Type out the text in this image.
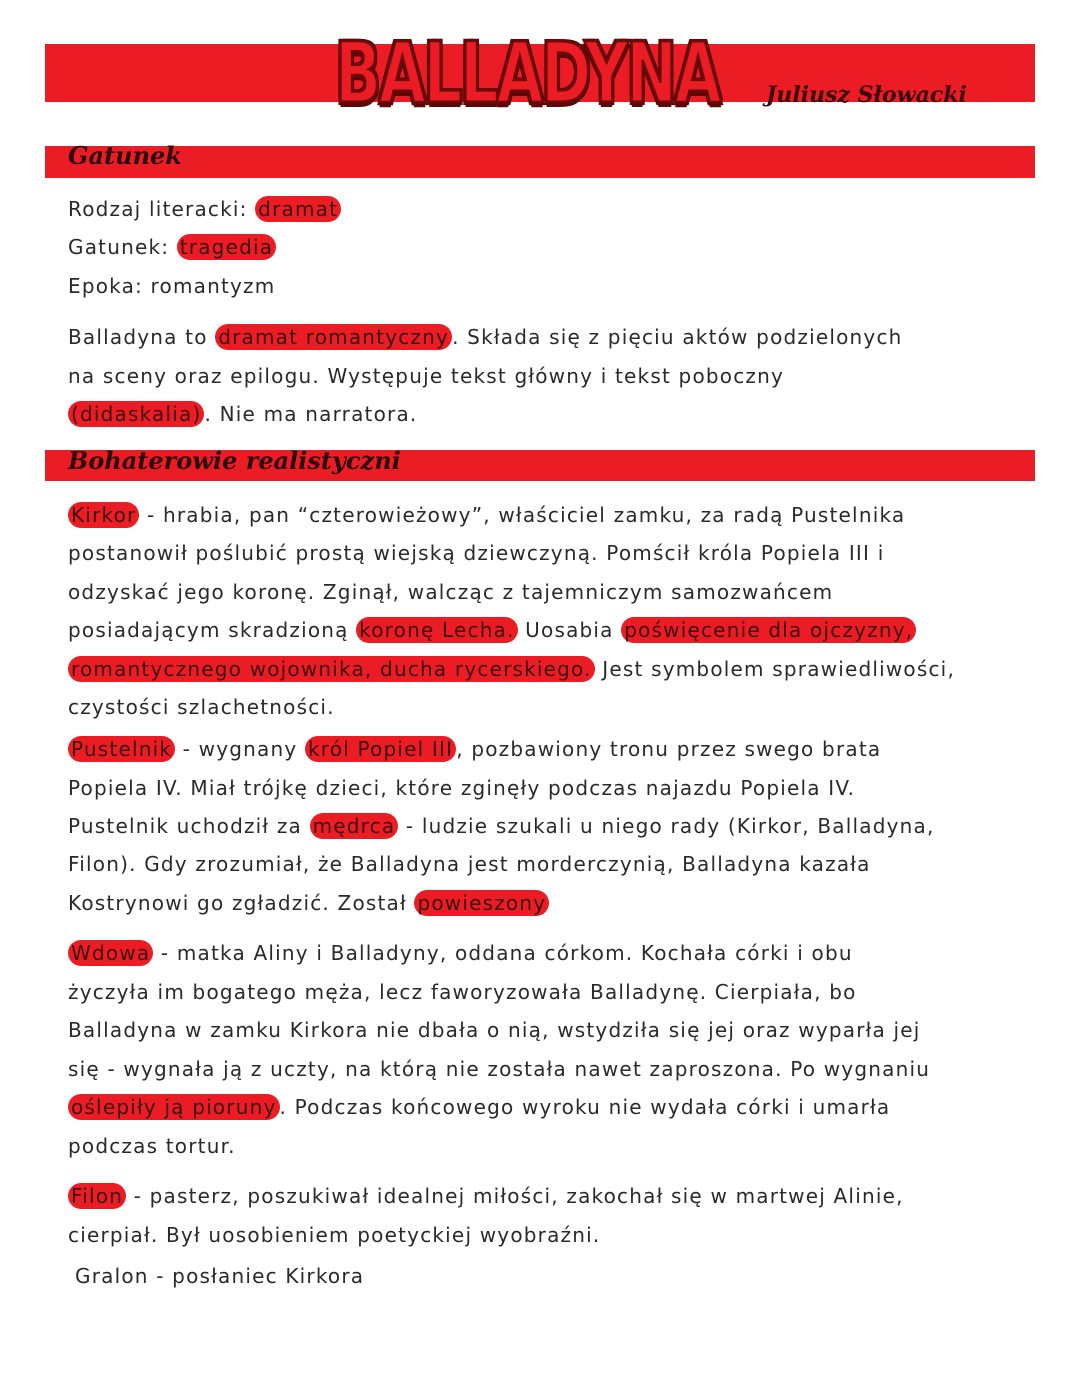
BALLADYNA Juliusz Słowacki
Gatunek
Rodzaj literacki: dramat
Gatunek: tragedia
Epoka: romantyzm
Balladyna to dramat romantyczny . Składa się z pięciu aktów podzielonych
na sceny oraz epilogu. Występuje tekst główny i tekst poboczny
(didaskalia) . Nie ma narratora.
Bohaterowie realistyczni
Kirkor - hrabia, pan “czterowieżowy”, właściciel zamku, za radą Pustelnika
postanowił poślubić prostą wiejską dziewczyną. Pomścił króla Popiela III i
odzyskać jego koronę. Zginął, walcząc z tajemniczym samozwańcem
posiadającym skradzioną koronę Lecha. Uosabia poświęcenie dla ojczyzny,
romantycznego wojownika, ducha rycerskiego. Jest symbolem sprawiedliwości,
czystości szlachetności.
Pustelnik - wygnany król Popiel III , pozbawiony tronu przez swego brata
Popiela IV. Miał trójkę dzieci, które zginęły podczas najazdu Popiela IV.
Pustelnik uchodził za mędrca - ludzie szukali u niego rady (Kirkor, Balladyna,
Filon). Gdy zrozumiał, że Balladyna jest morderczynią, Balladyna kazała
Kostrynowi go zgładzić. Został powieszony
Wdowa - matka Aliny i Balladyny, oddana córkom. Kochała córki i obu
życzyła im bogatego męża, lecz faworyzowała Balladynę. Cierpiała, bo
Balladyna w zamku Kirkora nie dbała o nią, wstydziła się jej oraz wyparła jej
się - wygnała ją z uczty, na którą nie została nawet zaproszona. Po wygnaniu
oślepiły ją pioruny . Podczas końcowego wyroku nie wydała córki i umarła
podczas tortur.
Filon - pasterz, poszukiwał idealnej miłości, zakochał się w martwej Alinie,
cierpiał. Był uosobieniem poetyckiej wyobraźni.
Gralon - posłaniec Kirkora
